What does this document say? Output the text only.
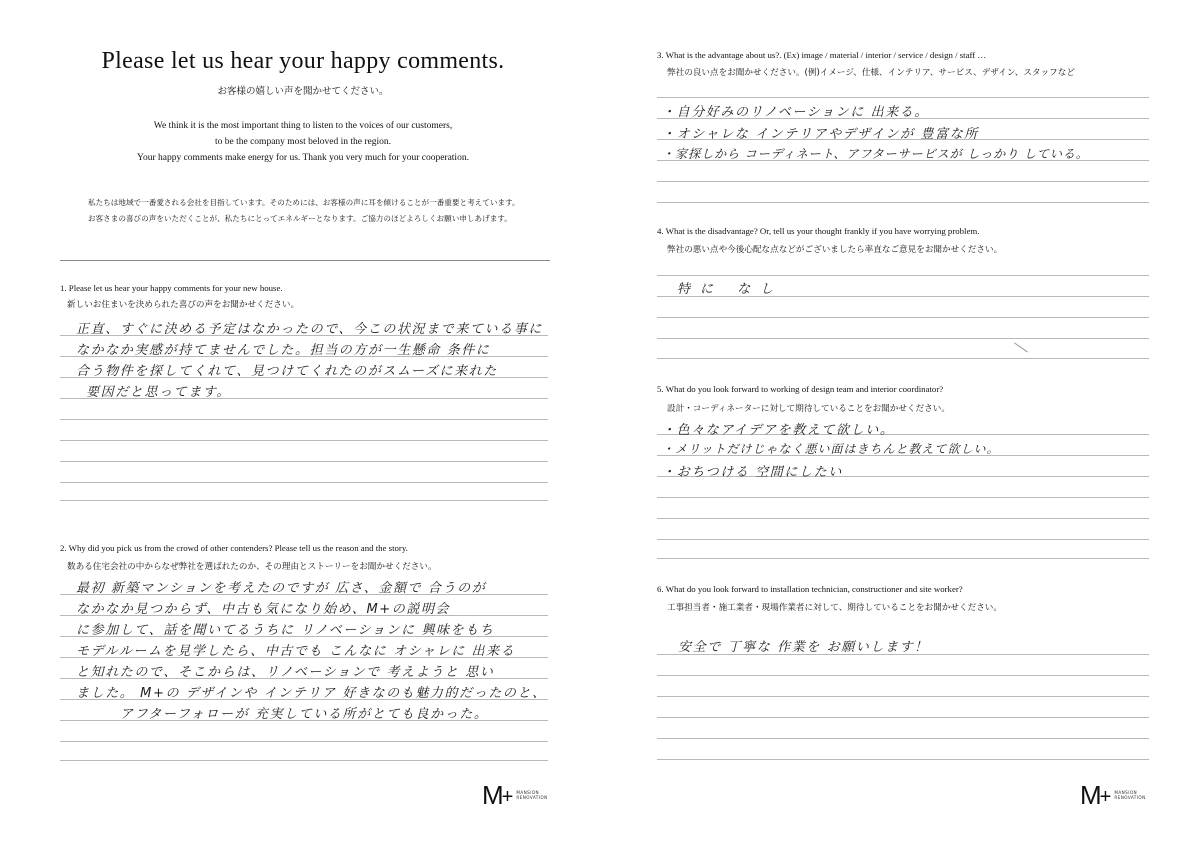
Please let us hear your happy comments.
お客様の嬉しい声を聞かせてください。
We think it is the most important thing to listen to the voices of our customers,
to be the company most beloved in the region.
Your happy comments make energy for us. Thank you very much for your cooperation.
私たちは地域で一番愛される会社を目指しています。そのためには、お客様の声に耳を傾けることが一番重要と考えています。
お客さまの喜びの声をいただくことが、私たちにとってエネルギーとなります。ご協力のほどよろしくお願い申しあげます。
1. Please let us hear your happy comments for your new house.
新しいお住まいを決められた喜びの声をお聞かせください。
正直、すぐに決める予定はなかったので、今この状況まで来ている事に
なかなか実感が持てませんでした。担当の方が一生懸命 条件に
合う物件を探してくれて、見つけてくれたのがスムーズに来れた
要因だと思ってます。
2. Why did you pick us from the crowd of other contenders? Please tell us the reason and the story.
数ある住宅会社の中からなぜ弊社を選ばれたのか、その理由とストーリーをお聞かせください。
最初 新築マンションを考えたのですが 広さ、金額で 合うのが
なかなか見つからず、中古も気になり始め、M+の説明会
に参加して、話を聞いてるうちに リノベーションに 興味をもち
モデルルームを見学したら、中古でも こんなに オシャレに 出来る
と知れたので、そこからは、リノベーションで 考えようと 思い
ました。 M+の デザインや インテリア 好きなのも魅力的だったのと、
アフターフォローが 充実している所がとても良かった。
M
+ MANSION
RENOVATION
3. What is the advantage about us?. (Ex) image / material / interior / service / design / staff …
弊社の良い点をお聞かせください。(例)イメージ、仕様、インテリア、サービス、デザイン、スタッフなど
・自分好みのリノベーションに 出来る。
・オシャレな インテリアやデザインが 豊富な所
・家探しから コーディネート、アフターサービスが しっかり している。
4. What is the disadvantage? Or, tell us your thought frankly if you have worrying problem.
弊社の悪い点や今後心配な点などがございましたら率直なご意見をお聞かせください。
特に なし
5. What do you look forward to working of design team and interior coordinator?
設計・コーディネーターに対して期待していることをお聞かせください。
・色々なアイデアを教えて欲しい。
・メリットだけじゃなく悪い面はきちんと教えて欲しい。
・おちつける 空間にしたい
6. What do you look forward to installation technician, constructioner and site worker?
工事担当者・施工業者・現場作業者に対して、期待していることをお聞かせください。
安全で 丁寧な 作業を お願いします！
M
+ MANSION
RENOVATION
